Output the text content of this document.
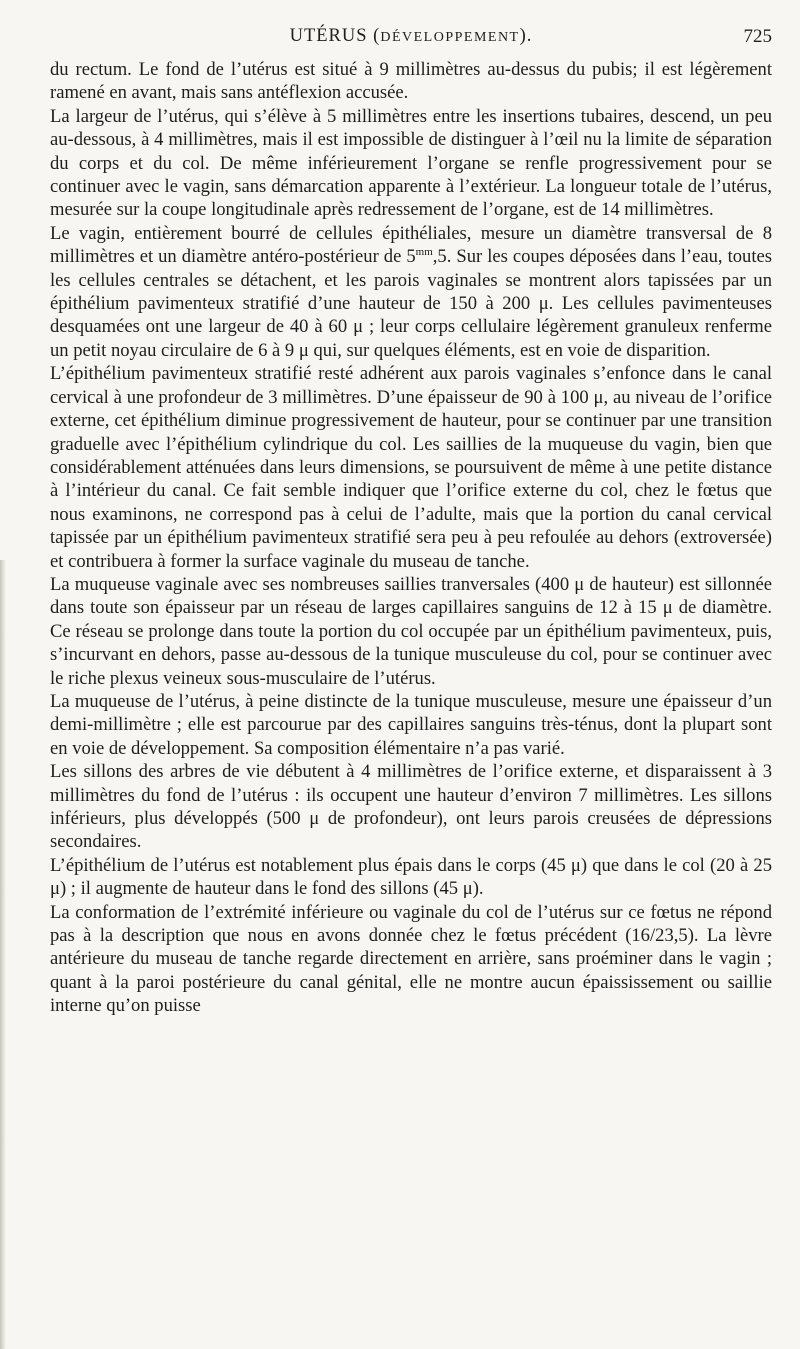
UTÉRUS (DÉVELOPPEMENT).	725

du rectum. Le fond de l’utérus est situé à 9 millimètres au-dessus du pubis; il est légèrement ramené en avant, mais sans antéflexion accusée.

La largeur de l’utérus, qui s’élève à 5 millimètres entre les insertions tubaires, descend, un peu au-dessous, à 4 millimètres, mais il est impossible de distinguer à l’œil nu la limite de séparation du corps et du col. De même inférieurement l’organe se renfle progressivement pour se continuer avec le vagin, sans démarcation apparente à l’extérieur. La longueur totale de l’utérus, mesurée sur la coupe longitudinale après redressement de l’organe, est de 14 millimètres.

Le vagin, entièrement bourré de cellules épithéliales, mesure un diamètre transversal de 8 millimètres et un diamètre antéro-postérieur de $5^{mm},5$. Sur les coupes déposées dans l’eau, toutes les cellules centrales se détachent, et les parois vaginales se montrent alors tapissées par un épithélium pavimenteux stratifié d’une hauteur de 150 à 200 μ. Les cellules pavimenteuses desquamées ont une largeur de 40 à 60 μ ; leur corps cellulaire légèrement granuleux renferme un petit noyau circulaire de 6 à 9 μ qui, sur quelques éléments, est en voie de disparition.

L’épithélium pavimenteux stratifié resté adhérent aux parois vaginales s’enfonce dans le canal cervical à une profondeur de 3 millimètres. D’une épaisseur de 90 à 100 μ, au niveau de l’orifice externe, cet épithélium diminue progressivement de hauteur, pour se continuer par une transition graduelle avec l’épithélium cylindrique du col. Les saillies de la muqueuse du vagin, bien que considérablement atténuées dans leurs dimensions, se poursuivent de même à une petite distance à l’intérieur du canal. Ce fait semble indiquer que l’orifice externe du col, chez le fœtus que nous examinons, ne correspond pas à celui de l’adulte, mais que la portion du canal cervical tapissée par un épithélium pavimenteux stratifié sera peu à peu refoulée au dehors (extroversée) et contribuera à former la surface vaginale du museau de tanche.

La muqueuse vaginale avec ses nombreuses saillies tranversales (400 μ de hauteur) est sillonnée dans toute son épaisseur par un réseau de larges capillaires sanguins de 12 à 15 μ de diamètre. Ce réseau se prolonge dans toute la portion du col occupée par un épithélium pavimenteux, puis, s’incurvant en dehors, passe au-dessous de la tunique musculeuse du col, pour se continuer avec le riche plexus veineux sous-musculaire de l’utérus.

La muqueuse de l’utérus, à peine distincte de la tunique musculeuse, mesure une épaisseur d’un demi-millimètre ; elle est parcourue par des capillaires sanguins très-ténus, dont la plupart sont en voie de développement. Sa composition élémentaire n’a pas varié.

Les sillons des arbres de vie débutent à 4 millimètres de l’orifice externe, et disparaissent à 3 millimètres du fond de l’utérus : ils occupent une hauteur d’environ 7 millimètres. Les sillons inférieurs, plus développés (500 μ de profondeur), ont leurs parois creusées de dépressions secondaires.

L’épithélium de l’utérus est notablement plus épais dans le corps (45 μ) que dans le col (20 à 25 μ) ; il augmente de hauteur dans le fond des sillons (45 μ).

La conformation de l’extrémité inférieure ou vaginale du col de l’utérus sur ce fœtus ne répond pas à la description que nous en avons donnée chez le fœtus précédent (16/23,5). La lèvre antérieure du museau de tanche regarde directement en arrière, sans proéminer dans le vagin ; quant à la paroi postérieure du canal génital, elle ne montre aucun épaississement ou saillie interne qu’on puisse
